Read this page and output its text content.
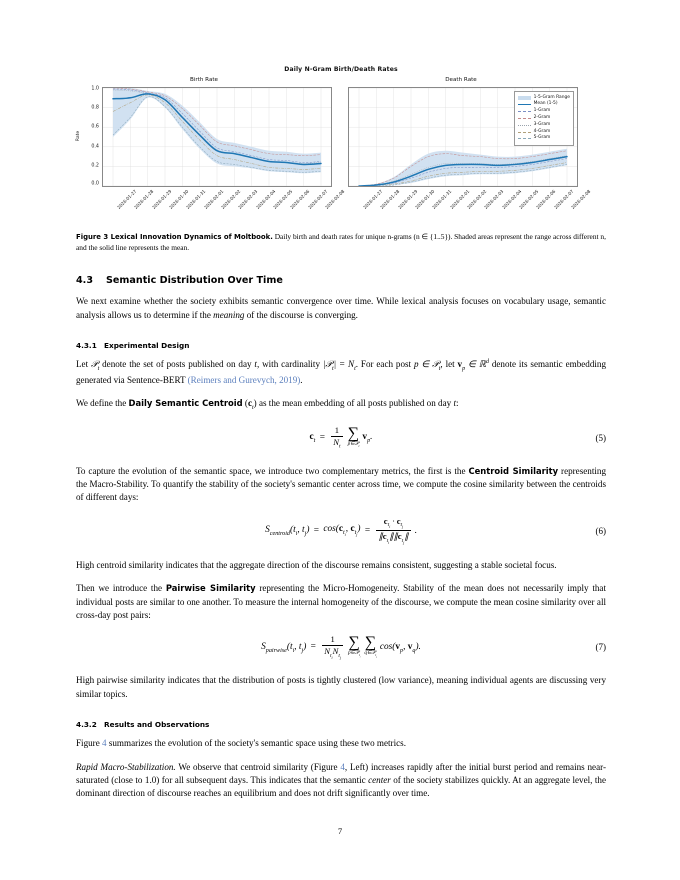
Daily N-Gram Birth/Death Rates
Birth Rate
Rate
1.0
0.8
0.6
0.4
0.2
0.0
2026-01-27
2026-01-28
2026-01-29
2026-01-30
2026-01-31
2026-02-01
2026-02-02
2026-02-03
2026-02-04
2026-02-05
2026-02-06
2026-02-07
2026-02-08
Death Rate
1-5-Gram Range
Mean (1-5)
1-Gram
2-Gram
3-Gram
4-Gram
5-Gram
2026-01-27
2026-01-28
2026-01-29
2026-01-30
2026-01-31
2026-02-01
2026-02-02
2026-02-03
2026-02-04
2026-02-05
2026-02-06
2026-02-07
2026-02-08
Figure 3 Lexical Innovation Dynamics of Moltbook. Daily birth and death rates for unique n-grams (n ∈ {1..5}). Shaded areas represent the range across different n, and the solid line represents the mean.
4.3 Semantic Distribution Over Time

We next examine whether the society exhibits semantic convergence over time. While lexical analysis focuses on vocabulary usage, semantic analysis allows us to determine if the meaning of the discourse is converging.

4.3.1 Experimental Design

Let 𝒫$_t$ denote the set of posts published on day t, with cardinality |𝒫$_t$| = $N_t$. For each post p ∈ 𝒫$_t$, let $v_p$ ∈ ℝ$^d$ denote its semantic embedding generated via Sentence-BERT (Reimers and Gurevych, 2019).

We define the Daily Semantic Centroid $(c_t)$ as the mean embedding of all posts published on day t:

$c_t = \frac{1}{N_t}$ ∑
p∈𝒫$_t$
$v_p$.	(5)

To capture the evolution of the semantic space, we introduce two complementary metrics, the first is the Centroid Similarity representing the Macro-Stability. To quantify the stability of the society's semantic center across time, we compute the cosine similarity between the centroids of different days:

$S_{centroid}(t_i$, $t_j) = \cos(c_{t_i}$, $c_{t_j}) = \frac{c_{t_i} \cdot c_{t_j}}{\parallel c_{t_i}\parallel\parallel c_{t_j}\parallel}$ .	(6)

High centroid similarity indicates that the aggregate direction of the discourse remains consistent, suggesting a stable societal focus.

Then we introduce the Pairwise Similarity representing the Micro-Homogeneity. Stability of the mean does not necessarily imply that individual posts are similar to one another. To measure the internal homogeneity of the discourse, we compute the mean cosine similarity over all cross-day post pairs:

$S_{pairwise}(t_i$, $t_j) = \frac{1}{N_{t_i}N_{t_j}}$ ∑
p∈𝒫$_{t_i}$
∑
q∈𝒫$_{t_j}$
$\cos(v_p$, $v_q$).	(7)

High pairwise similarity indicates that the distribution of posts is tightly clustered (low variance), meaning individual agents are discussing very similar topics.

4.3.2 Results and Observations

Figure 4 summarizes the evolution of the society's semantic space using these two metrics.

Rapid Macro-Stabilization. We observe that centroid similarity (Figure 4, Left) increases rapidly after the initial burst period and remains near-saturated (close to 1.0) for all subsequent days. This indicates that the semantic center of the society stabilizes quickly. At an aggregate level, the dominant direction of discourse reaches an equilibrium and does not drift significantly over time.

7
